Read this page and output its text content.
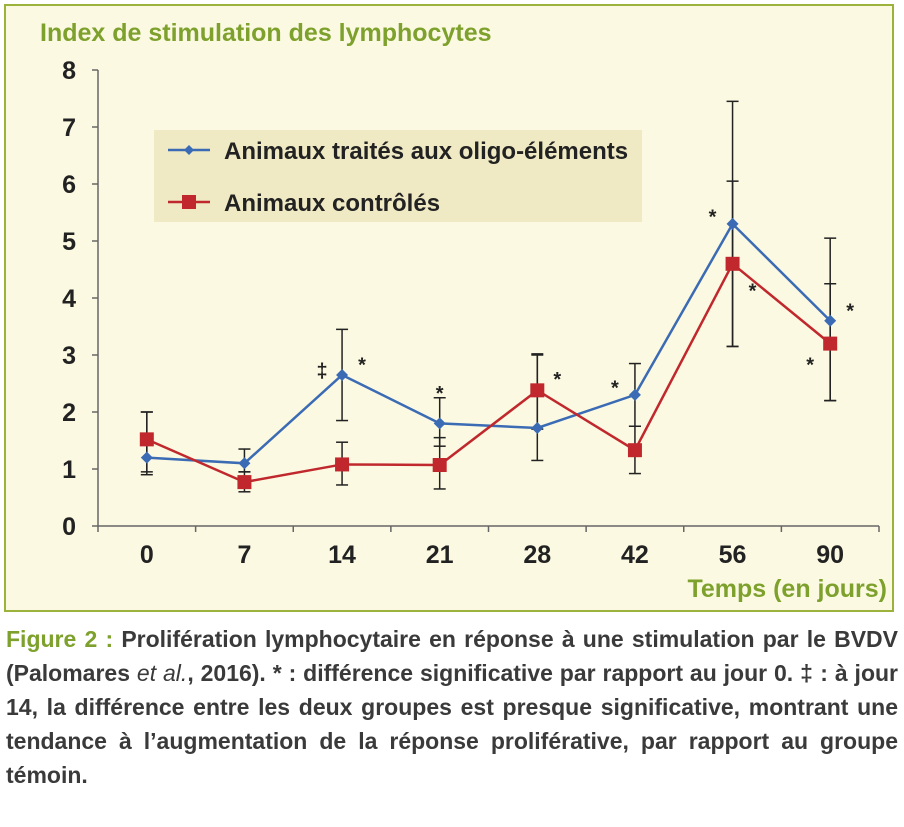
Index de stimulation des lymphocytes
0
1
2
3
4
5
6
7
8
0	7	14	21	28	42	56	90
Temps (en jours)
*
‡
*
* *
*
*
*
*
Animaux traités aux oligo-éléments
Animaux contrôlés
Figure 2 : Prolifération lymphocytaire en réponse à une stimulation par le BVDV (Palomares et al., 2016). * : différence significative par rapport au jour 0. ‡ : à jour 14, la différence entre les deux groupes est presque significative, montrant une tendance à l’augmentation de la réponse proliférative, par rapport au groupe témoin.
